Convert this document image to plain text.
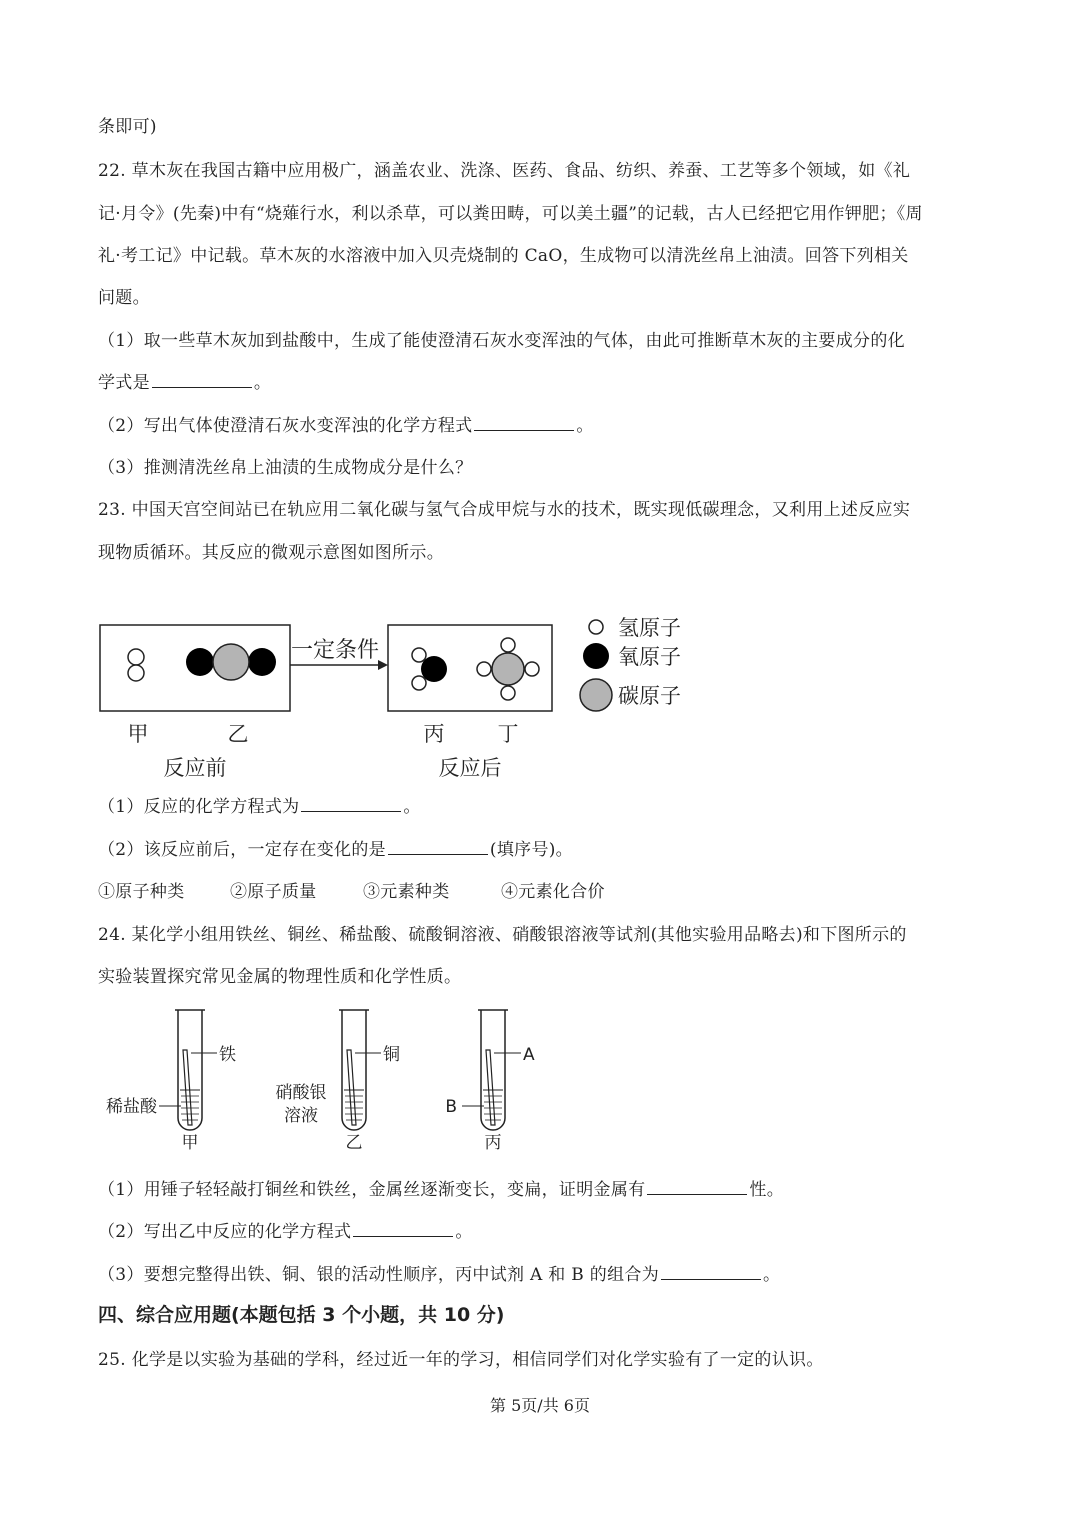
条即可)
22. 草木灰在我国古籍中应用极广，涵盖农业、洗涤、医药、食品、纺织、养蚕、工艺等多个领域，如《礼
记·月令》(先秦)中有“烧薙行水，利以杀草，可以粪田畴，可以美土疆”的记载，古人已经把它用作钾肥；《周
礼·考工记》中记载。草木灰的水溶液中加入贝壳烧制的 CaO，生成物可以清洗丝帛上油渍。回答下列相关
问题。
（1）取一些草木灰加到盐酸中，生成了能使澄清石灰水变浑浊的气体，由此可推断草木灰的主要成分的化
学式是	。
（2）写出气体使澄清石灰水变浑浊的化学方程式	。
（3）推测清洗丝帛上油渍的生成物成分是什么？
23. 中国天宫空间站已在轨应用二氧化碳与氢气合成甲烷与水的技术，既实现低碳理念，又利用上述反应实
现物质循环。其反应的微观示意图如图所示。
一定条件
氢原子
氧原子
碳原子
甲	乙	丙	丁
反应前	反应后
（1）反应的化学方程式为	。
（2）该反应前后，一定存在变化的是	(填序号)。
①原子种类	②原子质量	③元素种类	④元素化合价
24. 某化学小组用铁丝、铜丝、稀盐酸、硫酸铜溶液、硝酸银溶液等试剂(其他实验用品略去)和下图所示的
实验装置探究常见金属的物理性质和化学性质。
铁
稀盐酸
甲
铜
硝酸银
溶液
乙
A
B
丙
（1）用锤子轻轻敲打铜丝和铁丝，金属丝逐渐变长，变扁，证明金属有	性。
（2）写出乙中反应的化学方程式	。
（3）要想完整得出铁、铜、银的活动性顺序，丙中试剂 A 和 B 的组合为	。
四、综合应用题(本题包括 3 个小题，共 10 分)
25. 化学是以实验为基础的学科，经过近一年的学习，相信同学们对化学实验有了一定的认识。
第 5页/共 6页
